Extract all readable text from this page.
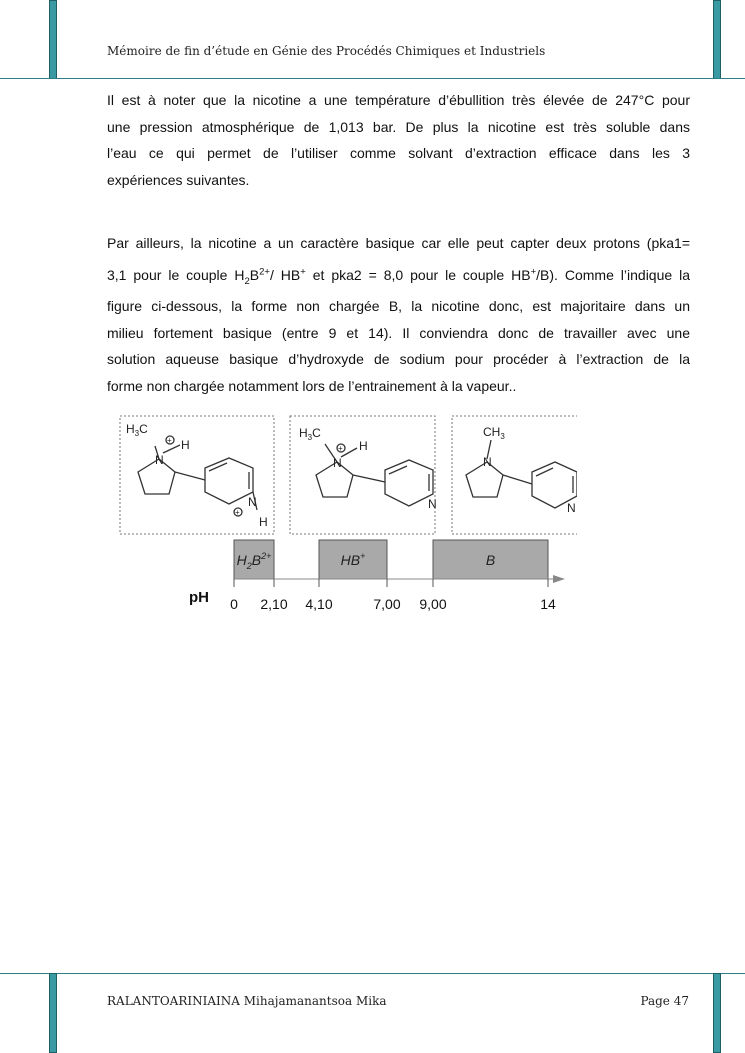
Mémoire de fin d’étude en Génie des Procédés Chimiques et Industriels
Il est à noter que la nicotine a une température d’ébullition très élevée de 247°C pour
une pression atmosphérique de 1,013 bar. De plus la nicotine est très soluble dans
l’eau ce qui permet de l’utiliser comme solvant d’extraction efficace dans les 3
expériences suivantes.
Par ailleurs, la nicotine a un caractère basique car elle peut capter deux protons (pka1=
3,1 pour le couple $H_2B^{2+}/$ HB+ et pka2 = 8,0 pour le couple HB+/B). Comme l’indique la
figure ci-dessous, la forme non chargée B, la nicotine donc, est majoritaire dans un
milieu fortement basique (entre 9 et 14). Il conviendra donc de travailler avec une
solution aqueuse basique d’hydroxyde de sodium pour procéder à l’extraction de la
forme non chargée notamment lors de l’entrainement à la vapeur..
$H_3C$
N
H
+
N
+
H
$H_3C$
N
H
+
N
$CH_3$
N
N
$H_2B^{2+}$	HB+	B
pH 0 2,10 4,10	7,00 9,00	14
RALANTOARINIAINA Mihajamanantsoa Mika	Page 47
